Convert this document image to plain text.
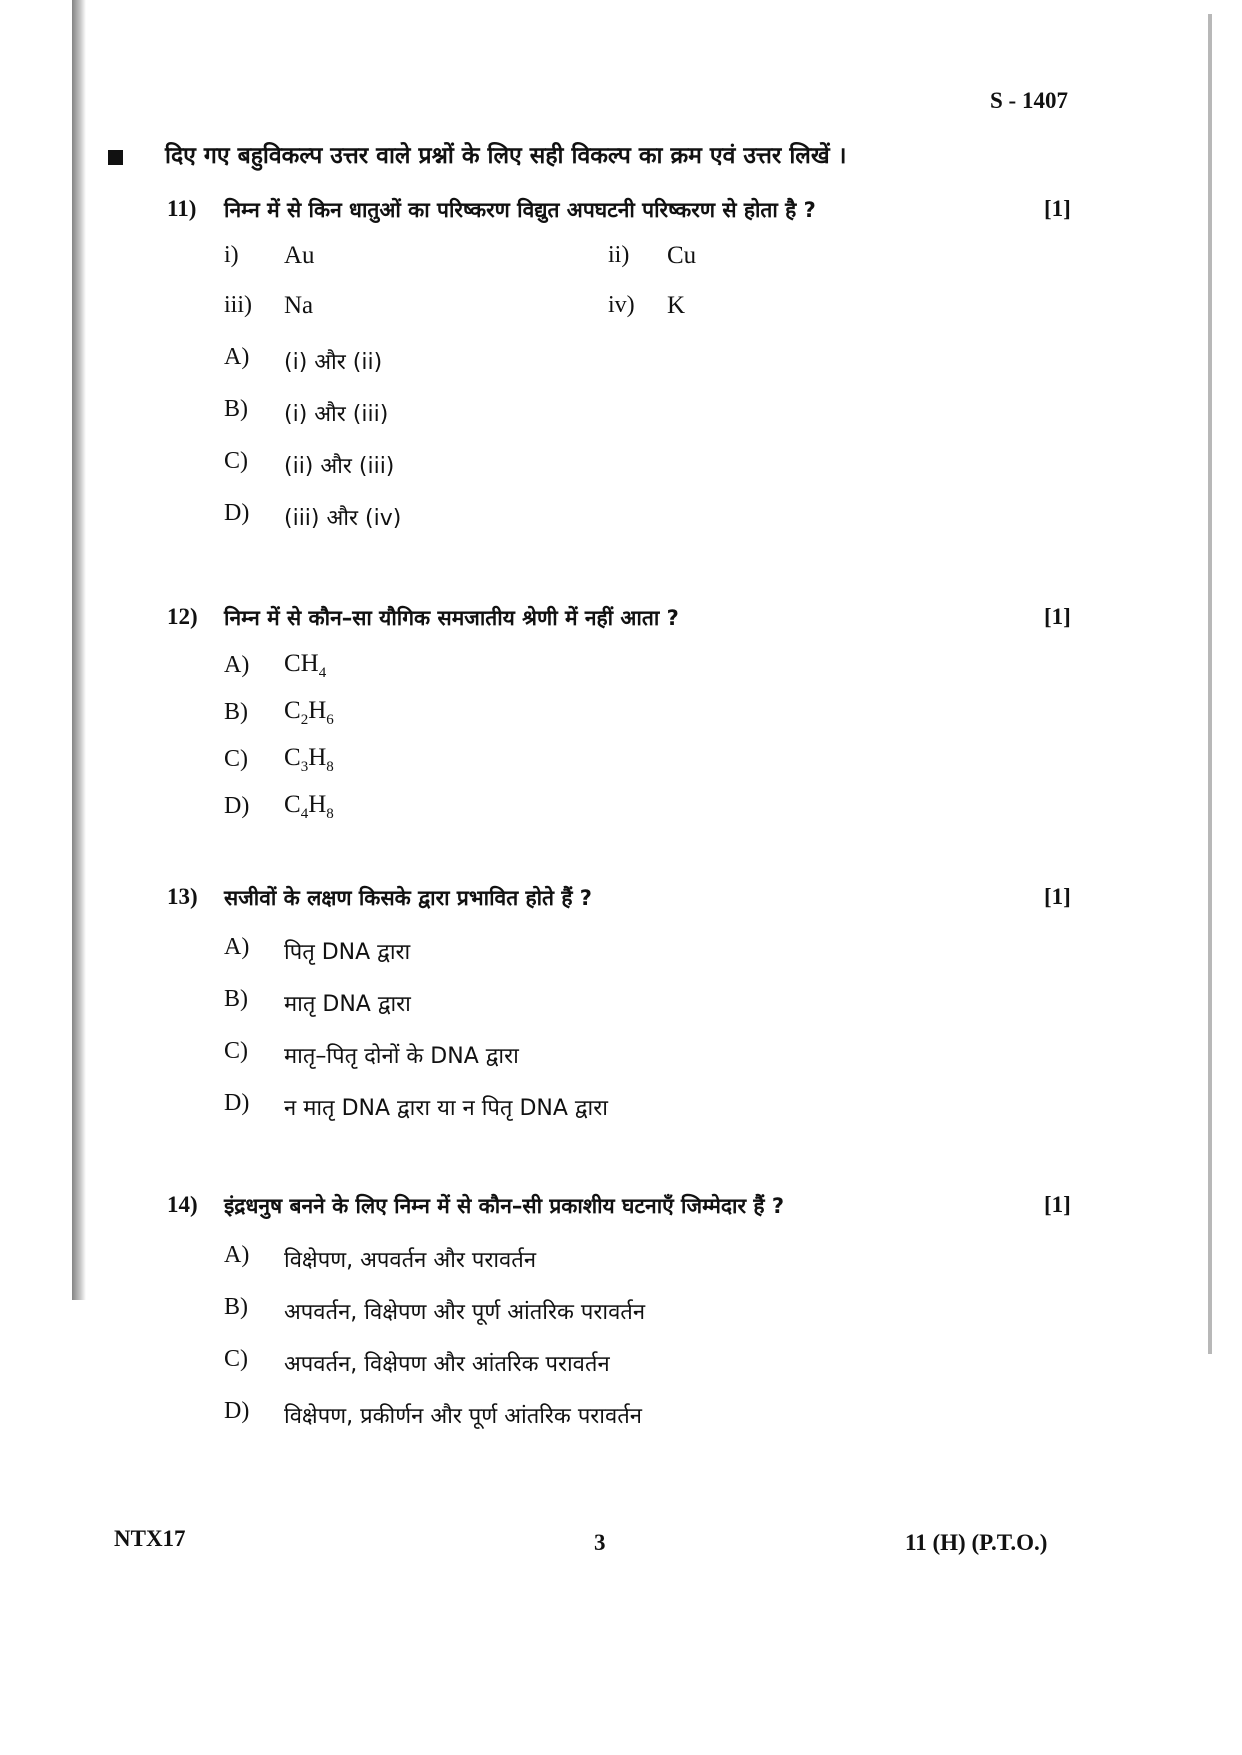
S - 1407
दिए गए बहुविकल्प उत्तर वाले प्रश्नों के लिए सही विकल्प का क्रम एवं उत्तर लिखें ।
11) निम्न में से किन धातुओं का परिष्करण विद्युत अपघटनी परिष्करण से होता है ?	[1]
i) Au	ii) Cu
iii) Na	iv) K
A) (i) और (ii)
B) (i) और (iii)
C) (ii) और (iii)
D) (iii) और (iv)
12) निम्न में से कौन–सा यौगिक समजातीय श्रेणी में नहीं आता ?	[1]
A) $CH_4$
B) $C_2H_6$
C) $C_3H_8$
D) $C_4H_8$
13) सजीवों के लक्षण किसके द्वारा प्रभावित होते हैं ?	[1]
A) पितृ DNA द्वारा
B) मातृ DNA द्वारा
C) मातृ–पितृ दोनों के DNA द्वारा
D) न मातृ DNA द्वारा या न पितृ DNA द्वारा
14) इंद्रधनुष बनने के लिए निम्न में से कौन–सी प्रकाशीय घटनाएँ जिम्मेदार हैं ?	[1]
A) विक्षेपण, अपवर्तन और परावर्तन
B) अपवर्तन, विक्षेपण और पूर्ण आंतरिक परावर्तन
C) अपवर्तन, विक्षेपण और आंतरिक परावर्तन
D) विक्षेपण, प्रकीर्णन और पूर्ण आंतरिक परावर्तन
NTX17	3	11 (H) (P.T.O.)
